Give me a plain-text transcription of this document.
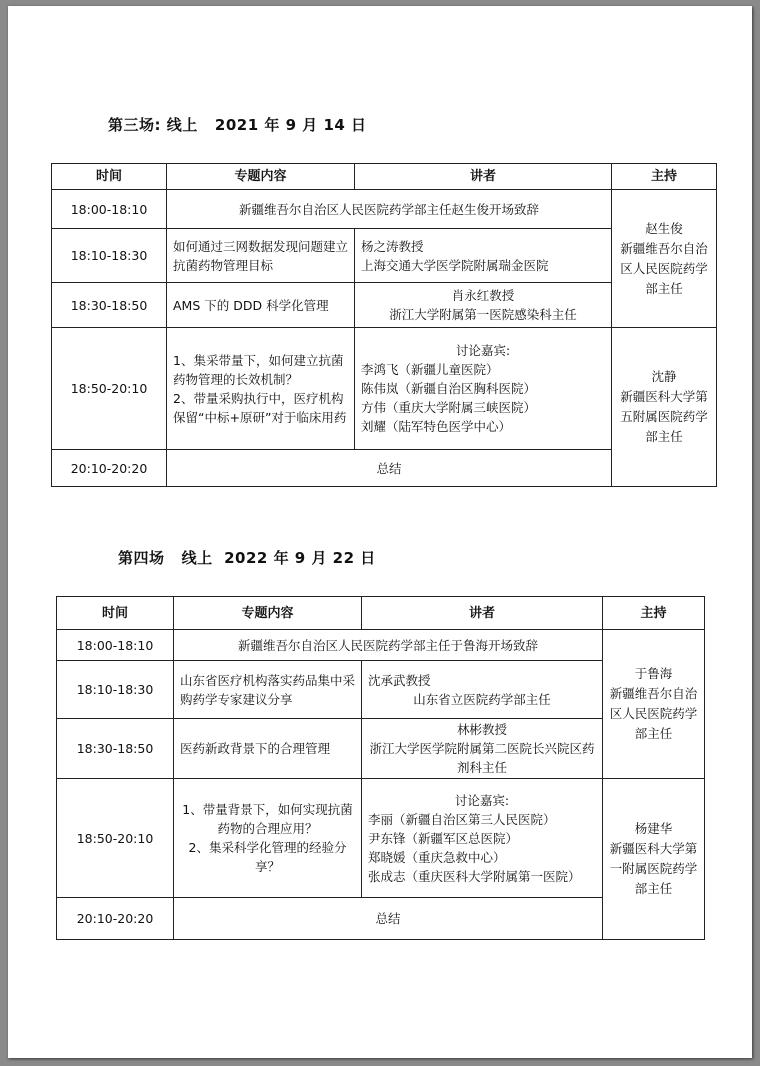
第三场: 线上   2021 年 9 月 14 日
时间	专题内容	讲者	主持
18:00-18:10	新疆维吾尔自治区人民医院药学部主任赵生俊开场致辞		赵生俊
新疆维吾尔自治区人民医院药学部主任
18:10-18:30	如何通过三网数据发现问题建立抗菌药物管理目标	杨之涛教授
上海交通大学医学院附属瑞金医院	
18:30-18:50	AMS 下的 DDD 科学化管理	肖永红教授
浙江大学附属第一医院感染科主任	
18:50-20:10	1、集采带量下，如何建立抗菌药物管理的长效机制？
2、带量采购执行中，医疗机构保留“中标+原研”对于临床用药	讨论嘉宾:
李鸿飞（新疆儿童医院）
陈伟岚（新疆自治区胸科医院）
方伟（重庆大学附属三峡医院）
刘耀（陆军特色医学中心）	沈静
新疆医科大学第五附属医院药学部主任
20:10-20:20	总结		
第四场   线上  2022 年 9 月 22 日
时间	专题内容	讲者	主持
18:00-18:10	新疆维吾尔自治区人民医院药学部主任于鲁海开场致辞		于鲁海
新疆维吾尔自治区人民医院药学部主任
18:10-18:30	山东省医疗机构落实药品集中采购药学专家建议分享	沈承武教授
山东省立医院药学部主任	
18:30-18:50	医药新政背景下的合理管理	林彬教授
浙江大学医学院附属第二医院长兴院区药剂科主任	
18:50-20:10	1、带量背景下，如何实现抗菌药物的合理应用？
2、集采科学化管理的经验分享？	讨论嘉宾:
李丽（新疆自治区第三人民医院）
尹东锋（新疆军区总医院）
郑晓媛（重庆急救中心）
张成志（重庆医科大学附属第一医院）	杨建华
新疆医科大学第一附属医院药学部主任
20:10-20:20	总结		
